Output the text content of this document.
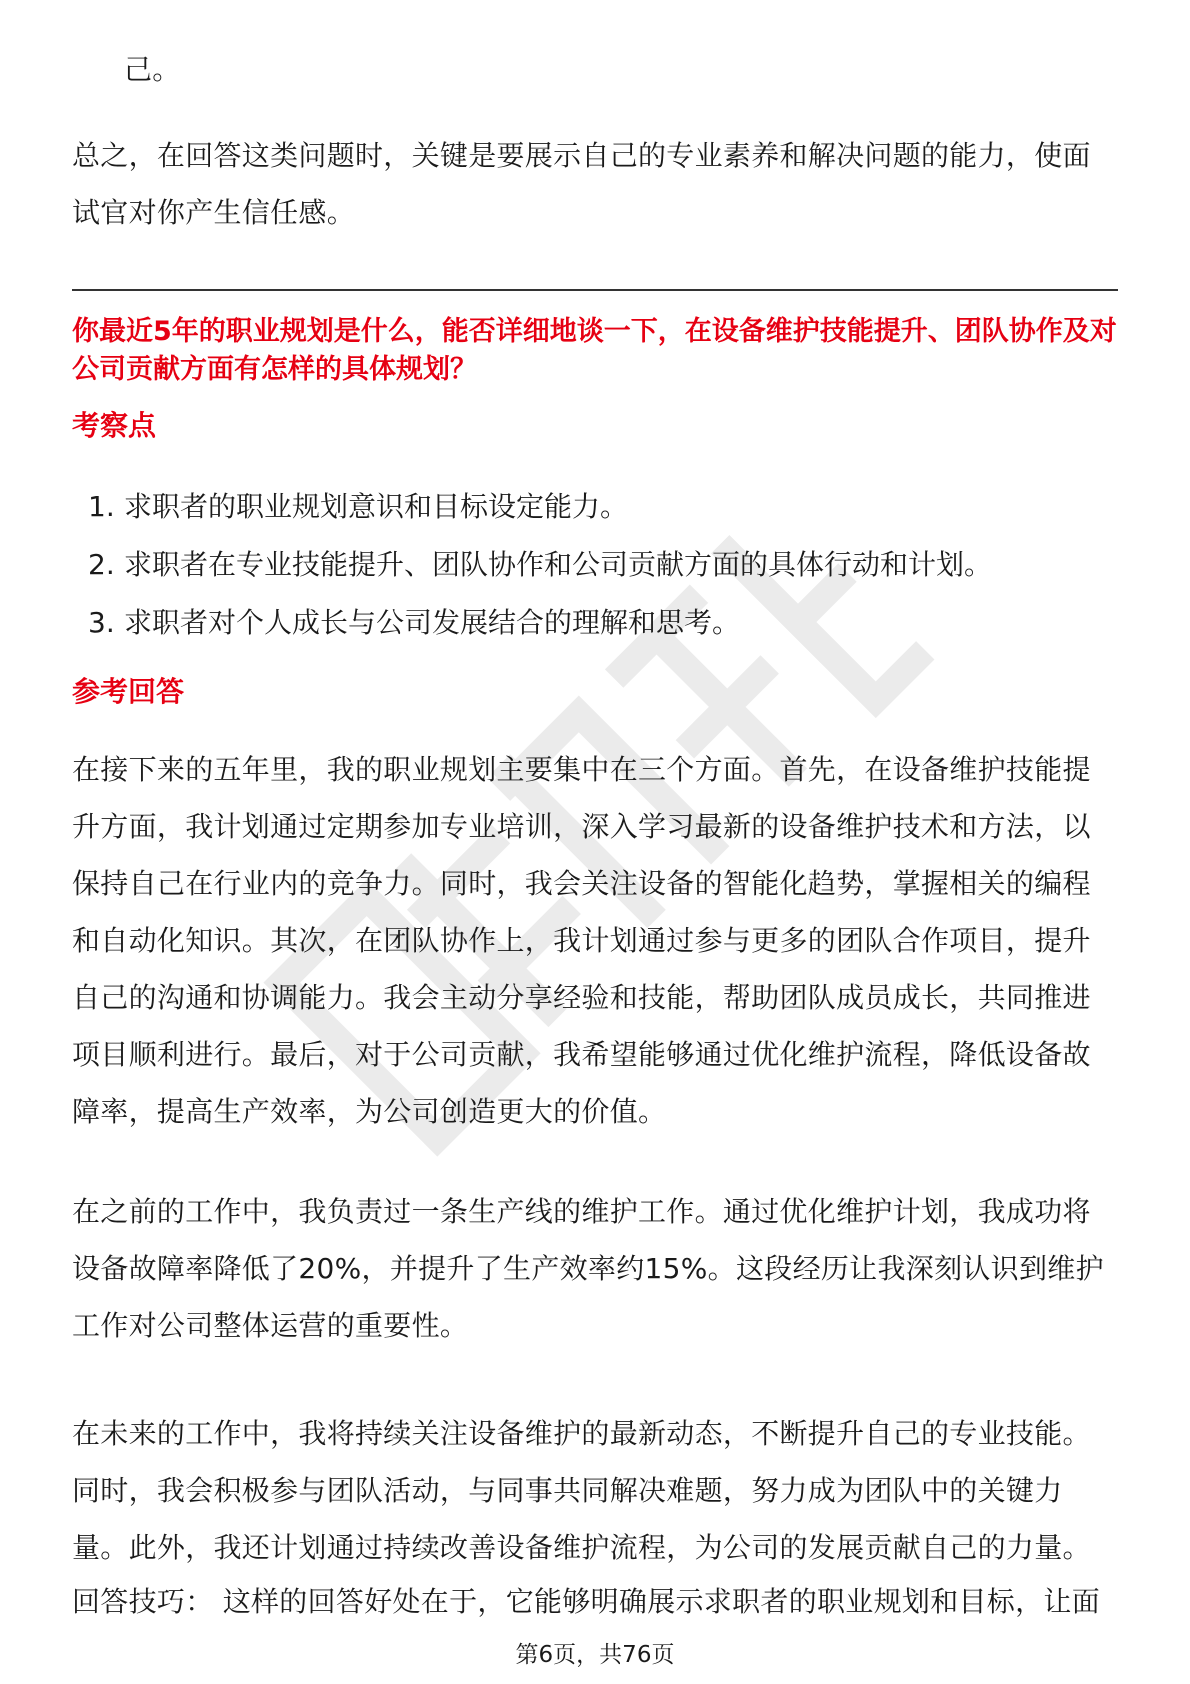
己。

总之，在回答这类问题时，关键是要展示自己的专业素养和解决问题的能力，使面试官对你产生信任感。

你最近5年的职业规划是什么，能否详细地谈一下，在设备维护技能提升、团队协作及对公司贡献方面有怎样的具体规划？
考察点
1. 求职者的职业规划意识和目标设定能力。
2. 求职者在专业技能提升、团队协作和公司贡献方面的具体行动和计划。
3. 求职者对个人成长与公司发展结合的理解和思考。
参考回答

在接下来的五年里，我的职业规划主要集中在三个方面。首先，在设备维护技能提升方面，我计划通过定期参加专业培训，深入学习最新的设备维护技术和方法，以保持自己在行业内的竞争力。同时，我会关注设备的智能化趋势，掌握相关的编程和自动化知识。其次，在团队协作上，我计划通过参与更多的团队合作项目，提升自己的沟通和协调能力。我会主动分享经验和技能，帮助团队成员成长，共同推进项目顺利进行。最后，对于公司贡献，我希望能够通过优化维护流程，降低设备故障率，提高生产效率，为公司创造更大的价值。

在之前的工作中，我负责过一条生产线的维护工作。通过优化维护计划，我成功将设备故障率降低了20%，并提升了生产效率约15%。这段经历让我深刻认识到维护工作对公司整体运营的重要性。

在未来的工作中，我将持续关注设备维护的最新动态，不断提升自己的专业技能。同时，我会积极参与团队活动，与同事共同解决难题，努力成为团队中的关键力量。此外，我还计划通过持续改善设备维护流程，为公司的发展贡献自己的力量。

回答技巧： 这样的回答好处在于，它能够明确展示求职者的职业规划和目标，让面

第6页，共76页
